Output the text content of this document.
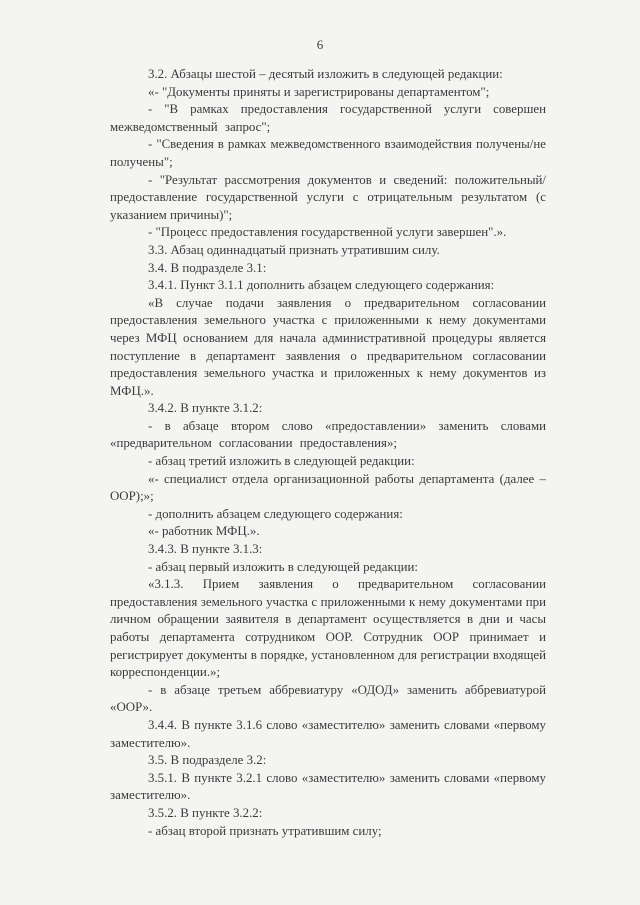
6

3.2. Абзацы шестой – десятый изложить в следующей редакции:

«- "Документы приняты и зарегистрированы департаментом";

- "В рамках предоставления государственной услуги совершен межведомственный запрос";

- "Сведения в рамках межведомственного взаимодействия получены/не получены";

- "Результат рассмотрения документов и сведений: положительный/предоставление государственной услуги с отрицательным результатом (с указанием причины)";

- "Процесс предоставления государственной услуги завершен".».

3.3. Абзац одиннадцатый признать утратившим силу.

3.4. В подразделе 3.1:

3.4.1. Пункт 3.1.1 дополнить абзацем следующего содержания:

«В случае подачи заявления о предварительном согласовании предоставления земельного участка с приложенными к нему документами через МФЦ основанием для начала административной процедуры является поступление в департамент заявления о предварительном согласовании предоставления земельного участка и приложенных к нему документов из МФЦ.».

3.4.2. В пункте 3.1.2:

- в абзаце втором слово «предоставлении» заменить словами «предварительном согласовании предоставления»;

- абзац третий изложить в следующей редакции:

«- специалист отдела организационной работы департамента (далее – ООР);»;

- дополнить абзацем следующего содержания:

«- работник МФЦ.».

3.4.3. В пункте 3.1.3:

- абзац первый изложить в следующей редакции:

«3.1.3. Прием заявления о предварительном согласовании предоставления земельного участка с приложенными к нему документами при личном обращении заявителя в департамент осуществляется в дни и часы работы департамента сотрудником ООР. Сотрудник ООР принимает и регистрирует документы в порядке, установленном для регистрации входящей корреспонденции.»;

- в абзаце третьем аббревиатуру «ОДОД» заменить аббревиатурой «ООР».

3.4.4. В пункте 3.1.6 слово «заместителю» заменить словами «первому заместителю».

3.5. В подразделе 3.2:

3.5.1. В пункте 3.2.1 слово «заместителю» заменить словами «первому заместителю».

3.5.2. В пункте 3.2.2:

- абзац второй признать утратившим силу;
